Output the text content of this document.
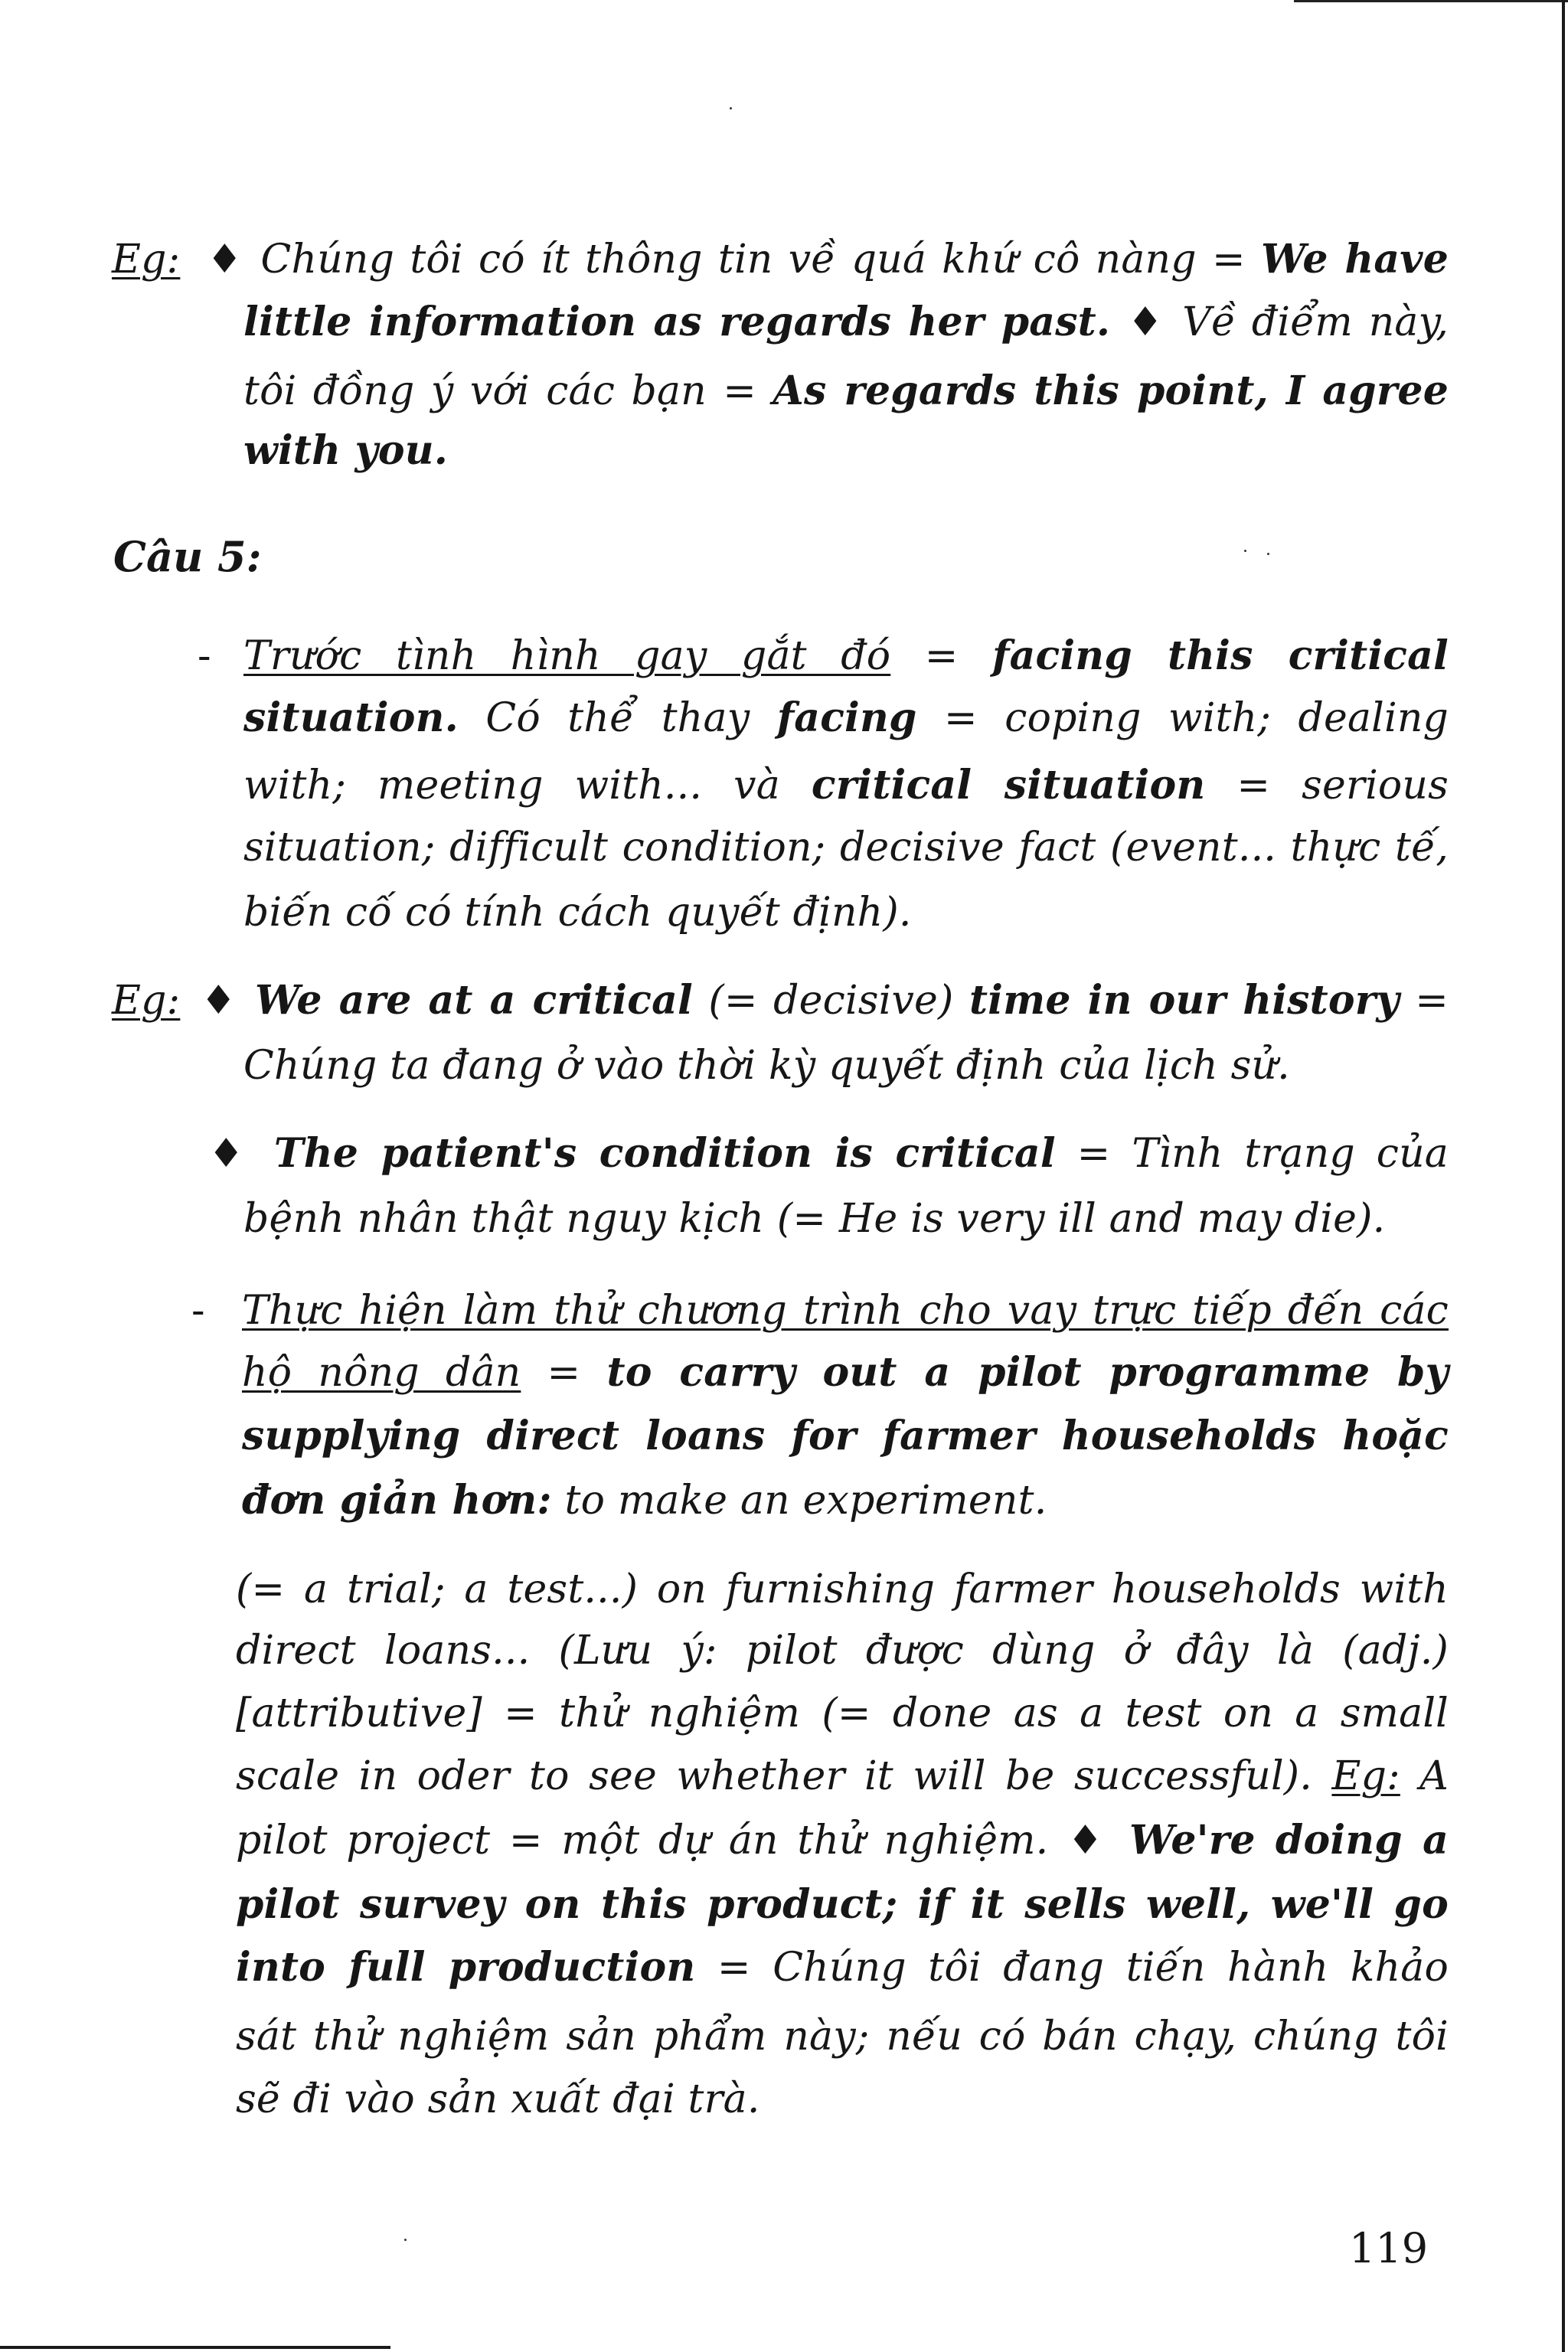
Eg: ♦ Chúng tôi có ít thông tin về quá khứ cô nàng = We have
little information as regards her past. ♦ Về điểm này,
tôi đồng ý với các bạn = As regards this point, I agree
with you.
Câu 5:
- Trước tình hình gay gắt đó = facing this critical
situation. Có thể thay facing = coping with; dealing
with; meeting with... và critical situation = serious
situation; difficult condition; decisive fact (event... thực tế,
biến cố có tính cách quyết định).
Eg: ♦ We are at a critical (= decisive) time in our history =
Chúng ta đang ở vào thời kỳ quyết định của lịch sử.
♦ The patient's condition is critical = Tình trạng của
bệnh nhân thật nguy kịch (= He is very ill and may die).
- Thực hiện làm thử chương trình cho vay trực tiếp đến các
hộ nông dân = to carry out a pilot programme by
supplying direct loans for farmer households hoặc
đơn giản hơn: to make an experiment.
(= a trial; a test...) on furnishing farmer households with
direct loans... (Lưu ý: pilot được dùng ở đây là (adj.)
[attributive] = thử nghiệm (= done as a test on a small
scale in oder to see whether it will be successful). Eg: A
pilot project = một dự án thử nghiệm. ♦ We're doing a
pilot survey on this product; if it sells well, we'll go
into full production = Chúng tôi đang tiến hành khảo
sát thử nghiệm sản phẩm này; nếu có bán chạy, chúng tôi
sẽ đi vào sản xuất đại trà.
119
